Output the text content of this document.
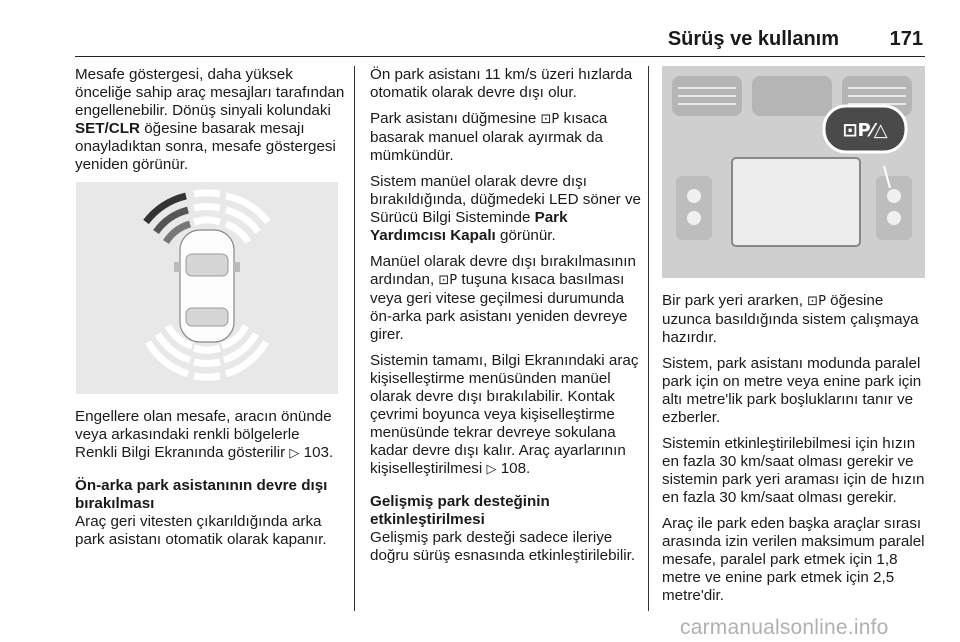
Sürüş ve kullanım	171

Mesafe göstergesi, daha yüksek önceliğe sahip araç mesajları tarafından engellenebilir. Dönüş sinyali kolundaki SET/CLR öğesine basarak mesajı onayladıktan sonra, mesafe göstergesi yeniden görünür.

Engellere olan mesafe, aracın önünde veya arkasındaki renkli bölgelerle Renkli Bilgi Ekranında gösterilir ▷ 103.

Ön-arka park asistanının devre dışı bırakılması

Araç geri vitesten çıkarıldığında arka park asistanı otomatik olarak kapanır.

Ön park asistanı 11 km/s üzeri hızlarda otomatik olarak devre dışı olur.

Park asistanı düğmesine ⊡P kısaca basarak manuel olarak ayırmak da mümkündür.

Sistem manüel olarak devre dışı bırakıldığında, düğmedeki LED söner ve Sürücü Bilgi Sisteminde Park Yardımcısı Kapalı görünür.

Manüel olarak devre dışı bırakılmasının ardından, ⊡P tuşuna kısaca basılması veya geri vitese geçilmesi durumunda ön-arka park asistanı yeniden devreye girer.

Sistemin tamamı, Bilgi Ekranındaki araç kişiselleştirme menüsünden manüel olarak devre dışı bırakılabilir. Kontak çevrimi boyunca veya kişiselleştirme menüsünde tekrar devreye sokulana kadar devre dışı kalır. Araç ayarlarının kişiselleştirilmesi ▷ 108.

Gelişmiş park desteğinin etkinleştirilmesi

Gelişmiş park desteği sadece ileriye doğru sürüş esnasında etkinleştirilebilir.

⊡P⁄△

Bir park yeri ararken, ⊡P öğesine uzunca basıldığında sistem çalışmaya hazırdır.

Sistem, park asistanı modunda paralel park için on metre veya enine park için altı metre'lik park boşluklarını tanır ve ezberler.

Sistemin etkinleştirilebilmesi için hızın en fazla 30 km/saat olması gerekir ve sistemin park yeri araması için de hızın en fazla 30 km/saat olması gerekir.

Araç ile park eden başka araçlar sırası arasında izin verilen maksimum paralel mesafe, paralel park etmek için 1,8 metre ve enine park etmek için 2,5 metre'dir.

carmanualsonline.info
